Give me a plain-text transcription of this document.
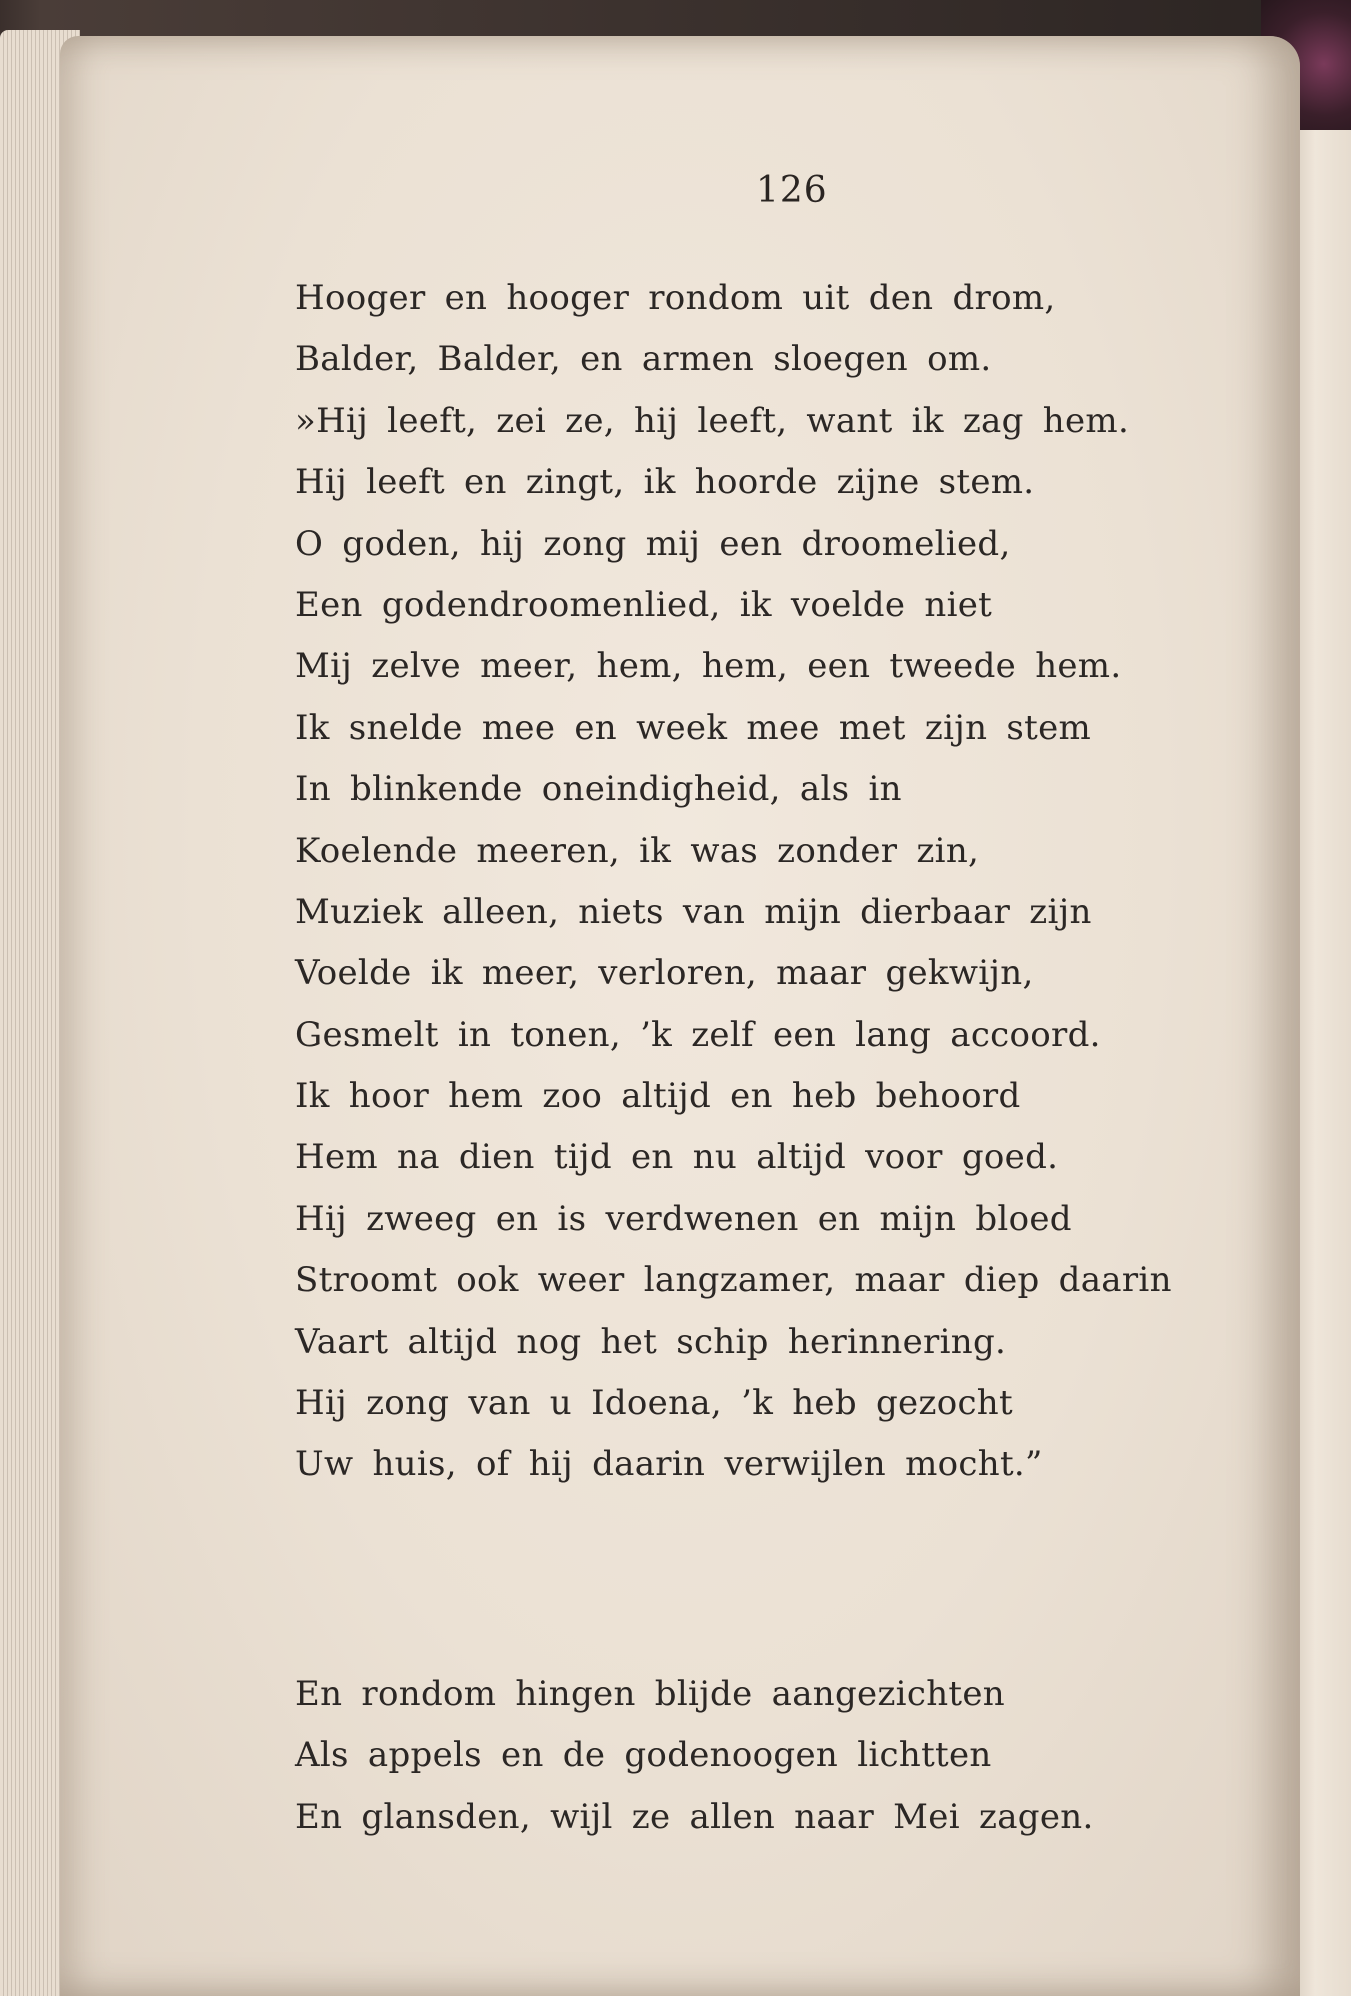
126
Hooger en hooger rondom uit den drom,
Balder, Balder, en armen sloegen om.
»Hij leeft, zei ze, hij leeft, want ik zag hem.
Hij leeft en zingt, ik hoorde zijne stem.
O goden, hij zong mij een droomelied,
Een godendroomenlied, ik voelde niet
Mij zelve meer, hem, hem, een tweede hem.
Ik snelde mee en week mee met zijn stem
In blinkende oneindigheid, als in
Koelende meeren, ik was zonder zin,
Muziek alleen, niets van mijn dierbaar zijn
Voelde ik meer, verloren, maar gekwijn,
Gesmelt in tonen, ’k zelf een lang accoord.
Ik hoor hem zoo altijd en heb behoord
Hem na dien tijd en nu altijd voor goed.
Hij zweeg en is verdwenen en mijn bloed
Stroomt ook weer langzamer, maar diep daarin
Vaart altijd nog het schip herinnering.
Hij zong van u Idoena, ’k heb gezocht
Uw huis, of hij daarin verwijlen mocht.”
En rondom hingen blijde aangezichten
Als appels en de godenoogen lichtten
En glansden, wijl ze allen naar Mei zagen.
